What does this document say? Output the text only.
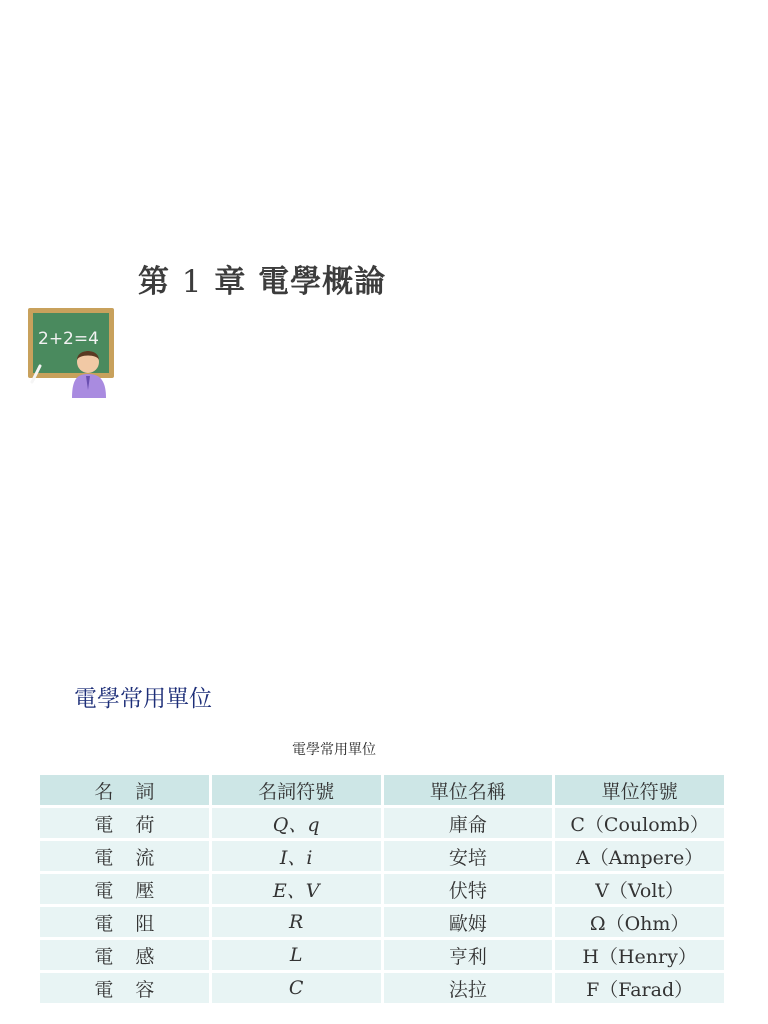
第 1 章 電學概論
2+2=4
電學常用單位
電學常用單位
名詞	名詞符號	單位名稱	單位符號
電荷	Q、q	庫侖	C（Coulomb）
電流	I、i	安培	A（Ampere）
電壓	E、V	伏特	V（Volt）
電阻	R	歐姆	Ω（Ohm）
電感	L	亨利	H（Henry）
電容	C	法拉	F（Farad）
